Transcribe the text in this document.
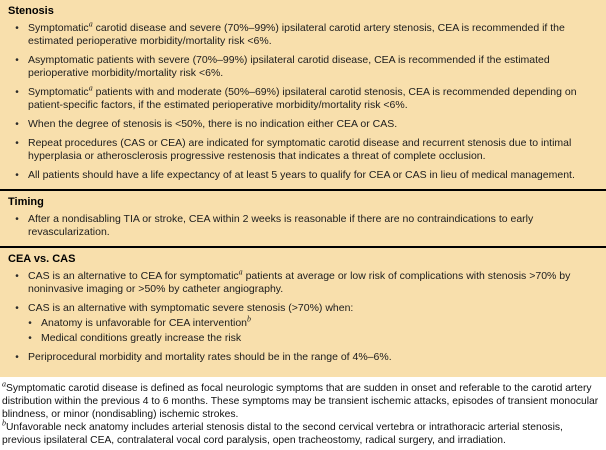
Stenosis
• Symptomatic$^a$ carotid disease and severe (70%–99%) ipsilateral carotid artery stenosis, CEA is recommended if the estimated perioperative morbidity/mortality risk <6%.
• Asymptomatic patients with severe (70%–99%) ipsilateral carotid disease, CEA is recommended if the estimated perioperative morbidity/mortality risk <6%.
• Symptomatic$^a$ patients with and moderate (50%–69%) ipsilateral carotid stenosis, CEA is recommended depending on patient-specific factors, if the estimated perioperative morbidity/mortality risk <6%.
• When the degree of stenosis is <50%, there is no indication either CEA or CAS.
• Repeat procedures (CAS or CEA) are indicated for symptomatic carotid disease and recurrent stenosis due to intimal hyperplasia or atherosclerosis progressive restenosis that indicates a threat of complete occlusion.
• All patients should have a life expectancy of at least 5 years to qualify for CEA or CAS in lieu of medical management.
Timing
• After a nondisabling TIA or stroke, CEA within 2 weeks is reasonable if there are no contraindications to early revascularization.
CEA vs. CAS
• CAS is an alternative to CEA for symptomatic$^a$ patients at average or low risk of complications with stenosis >70% by noninvasive imaging or >50% by catheter angiography.
• CAS is an alternative with symptomatic severe stenosis (>70%) when:
• Anatomy is unfavorable for CEA intervention$^b$
• Medical conditions greatly increase the risk
• Periprocedural morbidity and mortality rates should be in the range of 4%–6%.

$^a$Symptomatic carotid disease is defined as focal neurologic symptoms that are sudden in onset and referable to the carotid artery distribution within the previous 4 to 6 months. These symptoms may be transient ischemic attacks, episodes of transient monocular blindness, or minor (nondisabling) ischemic strokes.

$^b$Unfavorable neck anatomy includes arterial stenosis distal to the second cervical vertebra or intrathoracic arterial stenosis, previous ipsilateral CEA, contralateral vocal cord paralysis, open tracheostomy, radical surgery, and irradiation.
